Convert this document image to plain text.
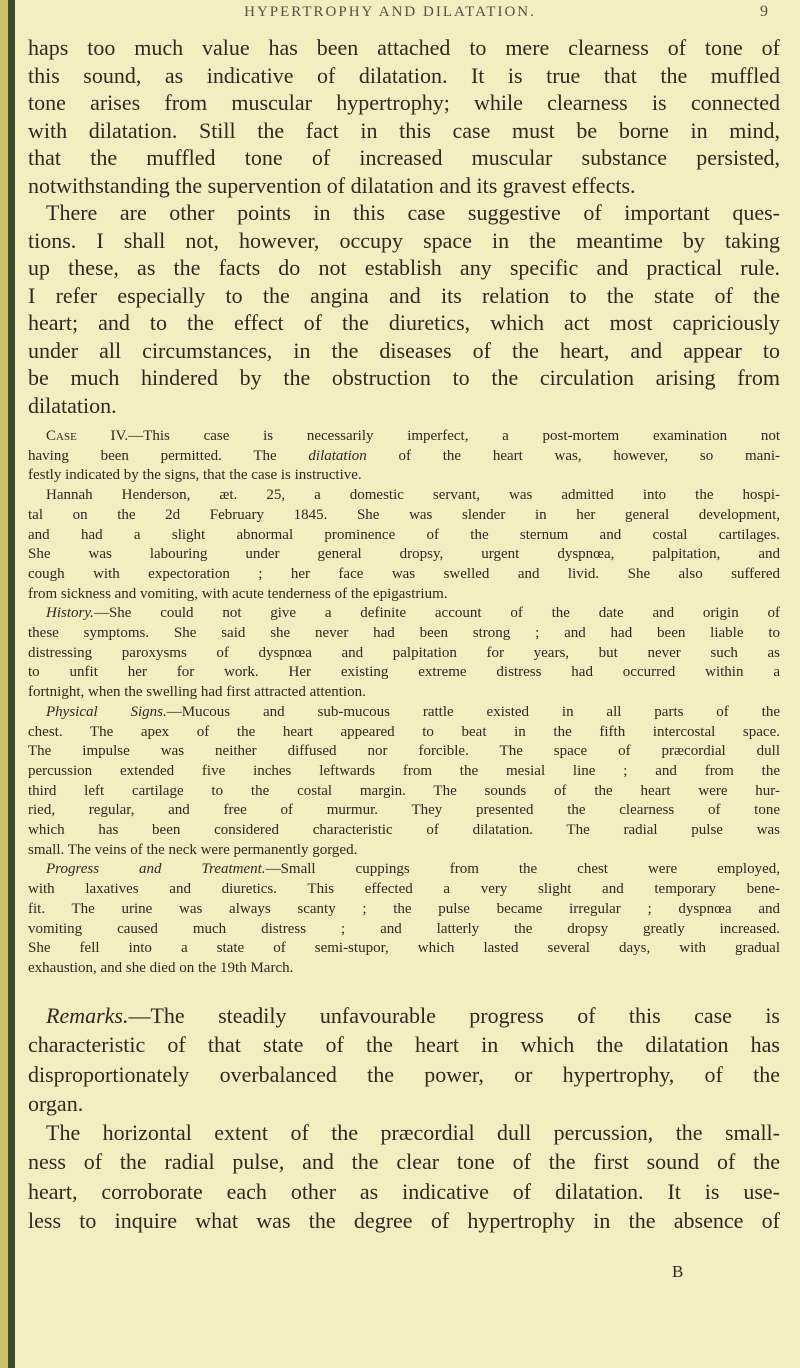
HYPERTROPHY AND DILATATION.	9
haps too much value has been attached to mere clearness of tone of
this sound, as indicative of dilatation. It is true that the muffled
tone arises from muscular hypertrophy; while clearness is connected
with dilatation. Still the fact in this case must be borne in mind,
that the muffled tone of increased muscular substance persisted,
notwithstanding the supervention of dilatation and its gravest effects.
There are other points in this case suggestive of important ques-
tions. I shall not, however, occupy space in the meantime by taking
up these, as the facts do not establish any specific and practical rule.
I refer especially to the angina and its relation to the state of the
heart; and to the effect of the diuretics, which act most capriciously
under all circumstances, in the diseases of the heart, and appear to
be much hindered by the obstruction to the circulation arising from
dilatation.
Case IV.—This case is necessarily imperfect, a post-mortem examination not
having been permitted. The dilatation of the heart was, however, so mani-
festly indicated by the signs, that the case is instructive.
Hannah Henderson, æt. 25, a domestic servant, was admitted into the hospi-
tal on the 2d February 1845. She was slender in her general development,
and had a slight abnormal prominence of the sternum and costal cartilages.
She was labouring under general dropsy, urgent dyspnœa, palpitation, and
cough with expectoration ; her face was swelled and livid. She also suffered
from sickness and vomiting, with acute tenderness of the epigastrium.
History.—She could not give a definite account of the date and origin of
these symptoms. She said she never had been strong ; and had been liable to
distressing paroxysms of dyspnœa and palpitation for years, but never such as
to unfit her for work. Her existing extreme distress had occurred within a
fortnight, when the swelling had first attracted attention.
Physical Signs.—Mucous and sub-mucous rattle existed in all parts of the
chest. The apex of the heart appeared to beat in the fifth intercostal space.
The impulse was neither diffused nor forcible. The space of præcordial dull
percussion extended five inches leftwards from the mesial line ; and from the
third left cartilage to the costal margin. The sounds of the heart were hur-
ried, regular, and free of murmur. They presented the clearness of tone
which has been considered characteristic of dilatation. The radial pulse was
small. The veins of the neck were permanently gorged.
Progress and Treatment.—Small cuppings from the chest were employed,
with laxatives and diuretics. This effected a very slight and temporary bene-
fit. The urine was always scanty ; the pulse became irregular ; dyspnœa and
vomiting caused much distress ; and latterly the dropsy greatly increased.
She fell into a state of semi-stupor, which lasted several days, with gradual
exhaustion, and she died on the 19th March.
Remarks.—The steadily unfavourable progress of this case is
characteristic of that state of the heart in which the dilatation has
disproportionately overbalanced the power, or hypertrophy, of the
organ.
The horizontal extent of the præcordial dull percussion, the small-
ness of the radial pulse, and the clear tone of the first sound of the
heart, corroborate each other as indicative of dilatation. It is use-
less to inquire what was the degree of hypertrophy in the absence of
B
